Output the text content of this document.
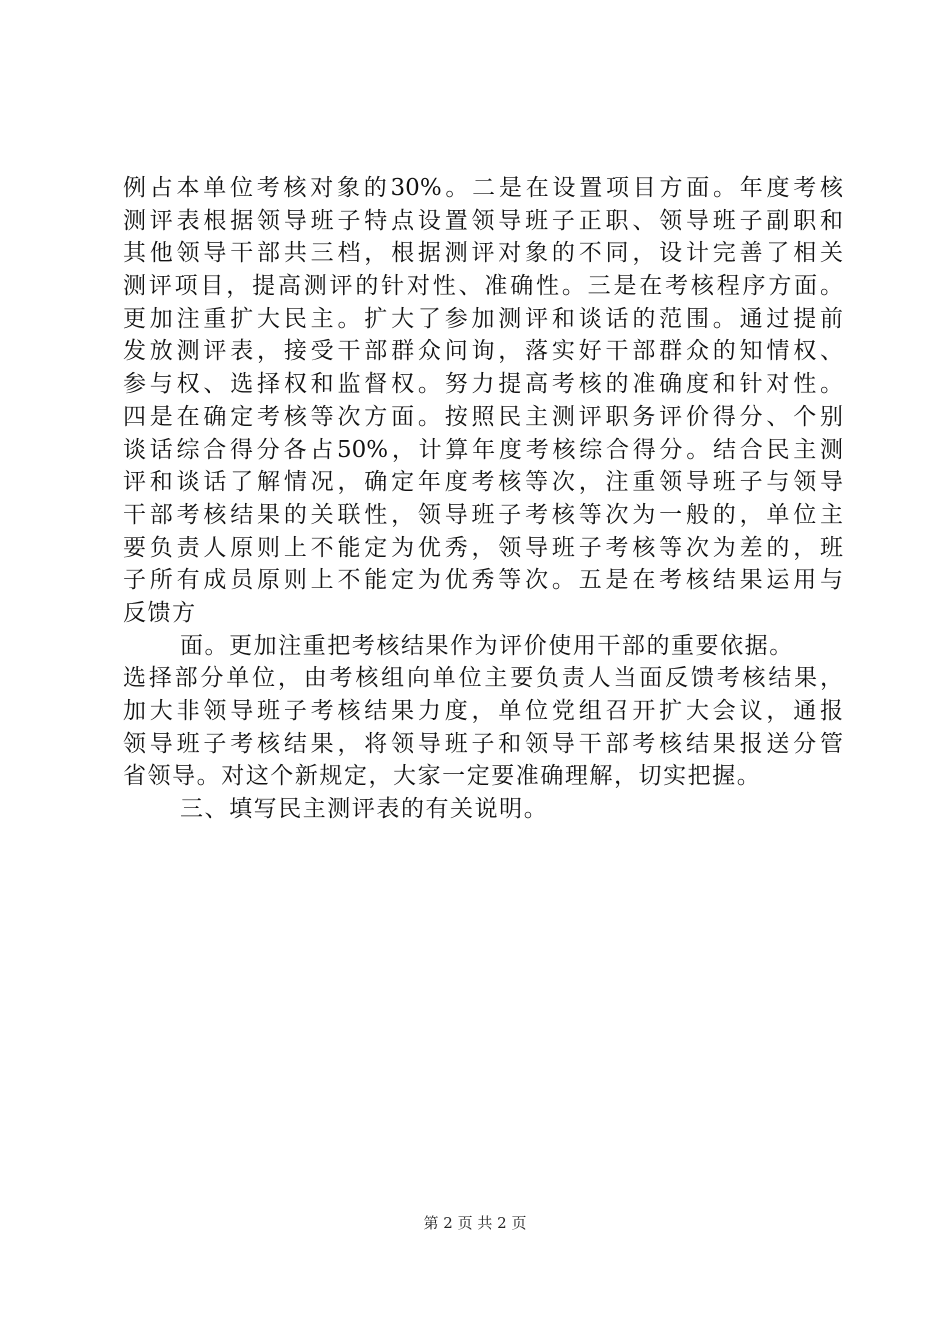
例占本单位考核对象的30%。二是在设置项目方面。年度考核
测评表根据领导班子特点设置领导班子正职、领导班子副职和
其他领导干部共三档，根据测评对象的不同，设计完善了相关
测评项目，提高测评的针对性、准确性。三是在考核程序方面。
更加注重扩大民主。扩大了参加测评和谈话的范围。通过提前
发放测评表，接受干部群众问询，落实好干部群众的知情权、
参与权、选择权和监督权。努力提高考核的准确度和针对性。
四是在确定考核等次方面。按照民主测评职务评价得分、个别
谈话综合得分各占50%，计算年度考核综合得分。结合民主测
评和谈话了解情况，确定年度考核等次，注重领导班子与领导
干部考核结果的关联性，领导班子考核等次为一般的，单位主
要负责人原则上不能定为优秀，领导班子考核等次为差的，班
子所有成员原则上不能定为优秀等次。五是在考核结果运用与
反馈方
面。更加注重把考核结果作为评价使用干部的重要依据。
选择部分单位，由考核组向单位主要负责人当面反馈考核结果，
加大非领导班子考核结果力度，单位党组召开扩大会议，通报
领导班子考核结果，将领导班子和领导干部考核结果报送分管
省领导。对这个新规定，大家一定要准确理解，切实把握。
三、填写民主测评表的有关说明。
第 2 页 共 2 页
